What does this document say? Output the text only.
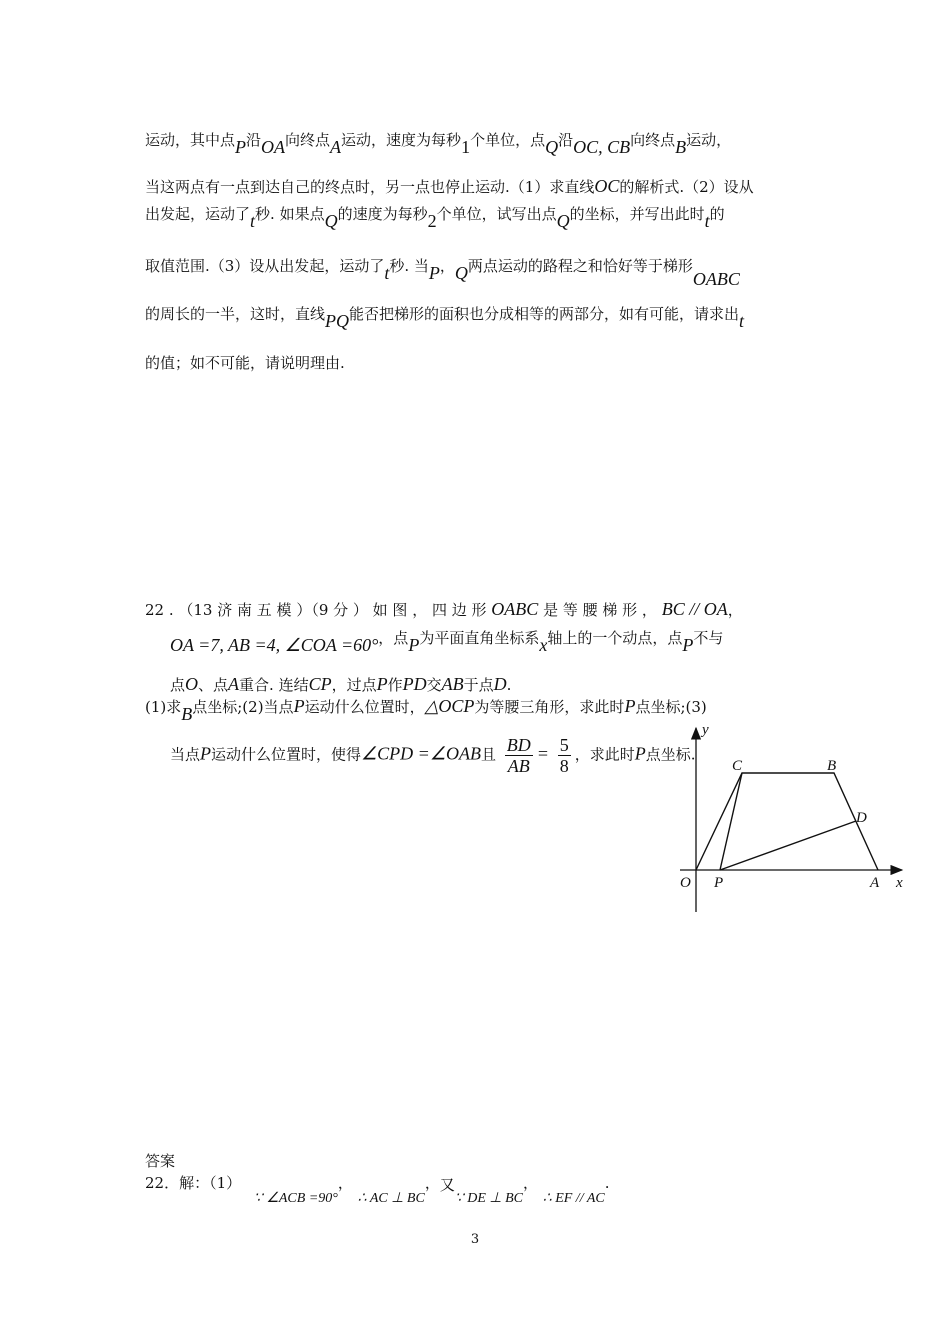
运动，其中点P沿OA向终点A运动，速度为每秒1个单位，点Q沿OC, CB向终点B运动，
当这两点有一点到达自己的终点时，另一点也停止运动.（1）求直线OC的解析式.（2）设从
出发起，运动了t秒. 如果点Q的速度为每秒2个单位，试写出点Q的坐标，并写出此时t的
取值范围.（3）设从出发起，运动了t秒. 当P，Q两点运动的路程之和恰好等于梯形OABC
的周长的一半，这时，直线PQ能否把梯形的面积也分成相等的两部分，如有可能，请求出t
的值；如不可能，请说明理由.
22 . （13 济 南 五 模 ）（9 分 ） 如 图 ， 四 边 形 OABC 是 等 腰 梯 形 ， BC // OA，
OA =7, AB =4, ∠COA =60°，点P为平面直角坐标系x轴上的一个动点，点P不与
点O、点A重合. 连结CP，过点P作PD交AB于点D.
(1)求B点坐标;(2)当点P运动什么位置时，△OCP为等腰三角形，求此时P点坐标;(3)
当点P运动什么位置时，使得∠CPD =∠OAB且 $\frac{BD}{AB} = \frac{5}{8}$ ，求此时P点坐标.
y
C	B
D
O P	A x
答案
22．解：（1） ∵ ∠ACB =90°， ∴ AC ⊥ BC，又∵ DE ⊥ BC， ∴ EF // AC.
3
